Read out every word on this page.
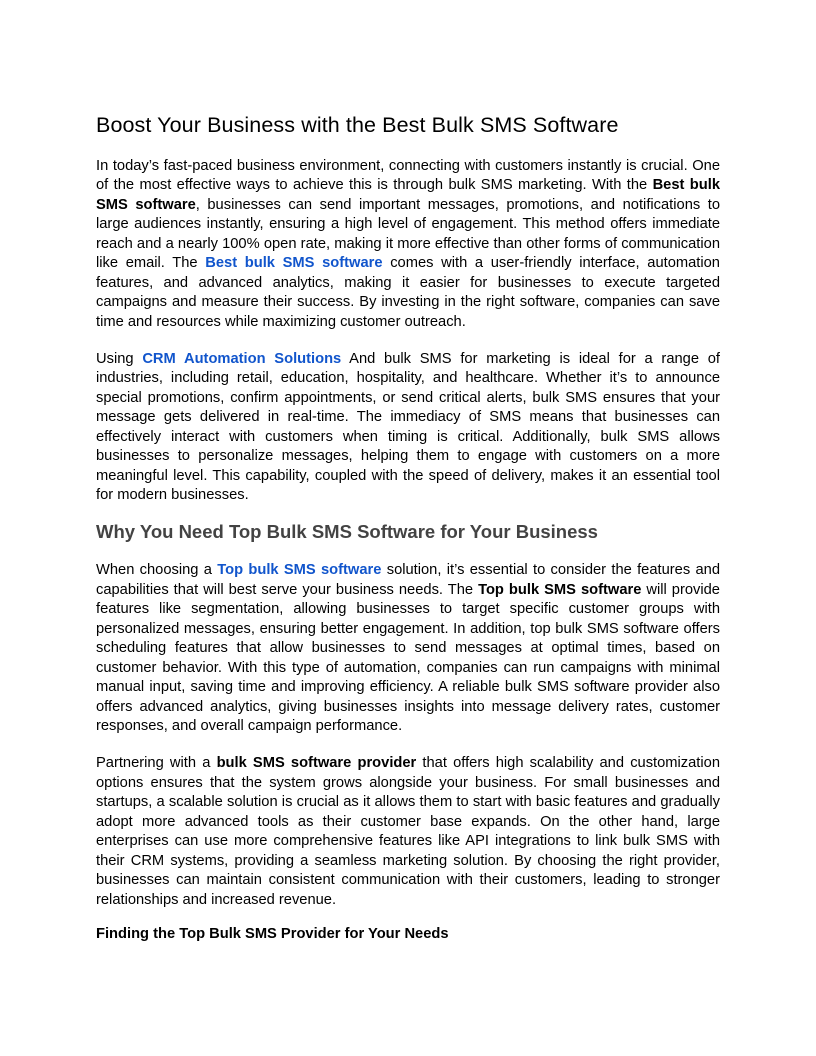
Boost Your Business with the Best Bulk SMS Software

In today’s fast-paced business environment, connecting with customers instantly is crucial. One of the most effective ways to achieve this is through bulk SMS marketing. With the Best bulk SMS software, businesses can send important messages, promotions, and notifications to large audiences instantly, ensuring a high level of engagement. This method offers immediate reach and a nearly 100% open rate, making it more effective than other forms of communication like email. The Best bulk SMS software comes with a user-friendly interface, automation features, and advanced analytics, making it easier for businesses to execute targeted campaigns and measure their success. By investing in the right software, companies can save time and resources while maximizing customer outreach.

Using CRM Automation Solutions And bulk SMS for marketing is ideal for a range of industries, including retail, education, hospitality, and healthcare. Whether it’s to announce special promotions, confirm appointments, or send critical alerts, bulk SMS ensures that your message gets delivered in real-time. The immediacy of SMS means that businesses can effectively interact with customers when timing is critical. Additionally, bulk SMS allows businesses to personalize messages, helping them to engage with customers on a more meaningful level. This capability, coupled with the speed of delivery, makes it an essential tool for modern businesses.

Why You Need Top Bulk SMS Software for Your Business

When choosing a Top bulk SMS software solution, it’s essential to consider the features and capabilities that will best serve your business needs. The Top bulk SMS software will provide features like segmentation, allowing businesses to target specific customer groups with personalized messages, ensuring better engagement. In addition, top bulk SMS software offers scheduling features that allow businesses to send messages at optimal times, based on customer behavior. With this type of automation, companies can run campaigns with minimal manual input, saving time and improving efficiency. A reliable bulk SMS software provider also offers advanced analytics, giving businesses insights into message delivery rates, customer responses, and overall campaign performance.

Partnering with a bulk SMS software provider that offers high scalability and customization options ensures that the system grows alongside your business. For small businesses and startups, a scalable solution is crucial as it allows them to start with basic features and gradually adopt more advanced tools as their customer base expands. On the other hand, large enterprises can use more comprehensive features like API integrations to link bulk SMS with their CRM systems, providing a seamless marketing solution. By choosing the right provider, businesses can maintain consistent communication with their customers, leading to stronger relationships and increased revenue.

Finding the Top Bulk SMS Provider for Your Needs
